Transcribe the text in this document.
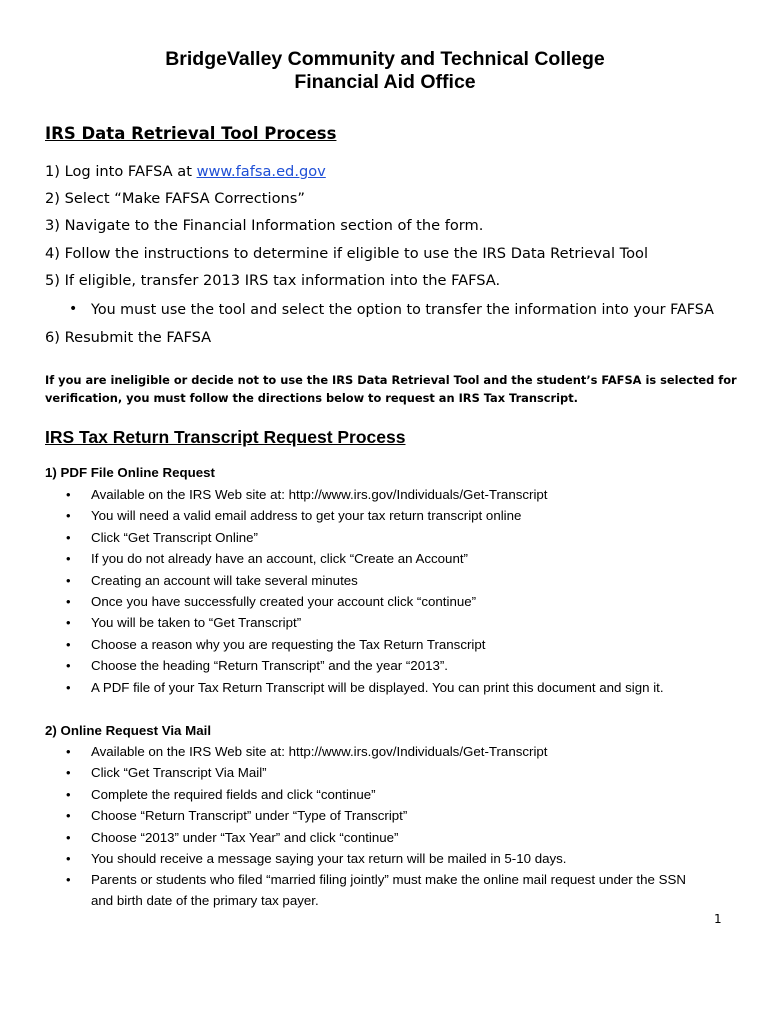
BridgeValley Community and Technical College
Financial Aid Office
IRS Data Retrieval Tool Process
1) Log into FAFSA at www.fafsa.ed.gov
2) Select “Make FAFSA Corrections”
3) Navigate to the Financial Information section of the form.
4) Follow the instructions to determine if eligible to use the IRS Data Retrieval Tool
5) If eligible, transfer 2013 IRS tax information into the FAFSA.
• You must use the tool and select the option to transfer the information into your FAFSA
6) Resubmit the FAFSA
If you are ineligible or decide not to use the IRS Data Retrieval Tool and the student’s FAFSA is selected for
verification, you must follow the directions below to request an IRS Tax Transcript.
IRS Tax Return Transcript Request Process
1) PDF File Online Request
• Available on the IRS Web site at: http://www.irs.gov/Individuals/Get-Transcript
• You will need a valid email address to get your tax return transcript online
• Click “Get Transcript Online”
• If you do not already have an account, click “Create an Account”
• Creating an account will take several minutes
• Once you have successfully created your account click “continue”
• You will be taken to “Get Transcript”
• Choose a reason why you are requesting the Tax Return Transcript
• Choose the heading “Return Transcript” and the year “2013”.
• A PDF file of your Tax Return Transcript will be displayed. You can print this document and sign it.
2) Online Request Via Mail
• Available on the IRS Web site at: http://www.irs.gov/Individuals/Get-Transcript
• Click “Get Transcript Via Mail”
• Complete the required fields and click “continue”
• Choose “Return Transcript” under “Type of Transcript”
• Choose “2013” under “Tax Year” and click “continue”
• You should receive a message saying your tax return will be mailed in 5-10 days.
• Parents or students who filed “married filing jointly” must make the online mail request under the SSN
and birth date of the primary tax payer.
1
